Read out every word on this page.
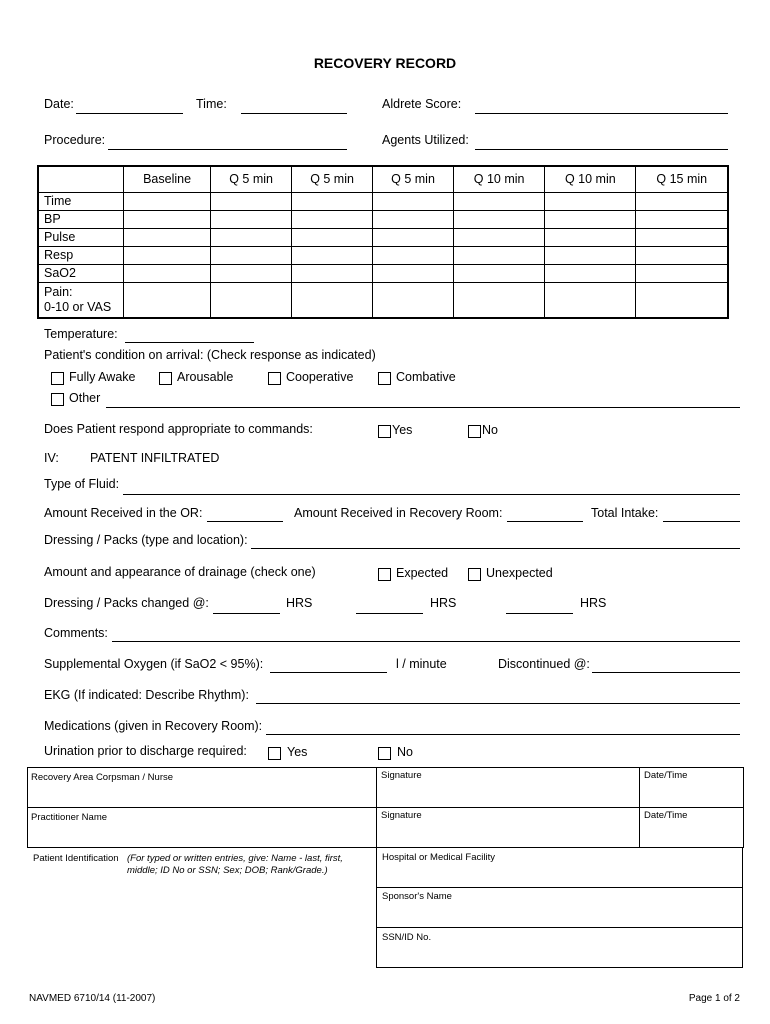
RECOVERY RECORD
Date:	Time:	Aldrete Score:
Procedure:	Agents Utilized:
	Baseline	Q 5 min	Q 5 min	Q 5 min	Q 10 min	Q 10 min	Q 15 min
Time							
BP							
Pulse							
Resp							
SaO2							
Pain:
0-10 or VAS							
Temperature:
Patient's condition on arrival: (Check response as indicated)
Fully Awake	Arousable	Cooperative	Combative
Other
Does Patient respond appropriate to commands:	Yes	No
IV: PATENT INFILTRATED
Type of Fluid:
Amount Received in the OR:	Amount Received in Recovery Room:	Total Intake:
Dressing / Packs (type and location):
Amount and appearance of drainage (check one)	Expected	Unexpected
Dressing / Packs changed @:	HRS	HRS	HRS
Comments:
Supplemental Oxygen (if SaO2 < 95%):	l / minute	Discontinued @:
EKG (If indicated: Describe Rhythm):
Medications (given in Recovery Room):
Urination prior to discharge required:	Yes	No
Recovery Area Corpsman / Nurse	Signature	Date/Time
Practitioner Name	Signature	Date/Time
Patient Identification (For typed or written entries, give: Name - last, first,
middle; ID No or SSN; Sex; DOB; Rank/Grade.)
Hospital or Medical Facility
Sponsor's Name
SSN/ID No.
NAVMED 6710/14 (11-2007)	Page 1 of 2
